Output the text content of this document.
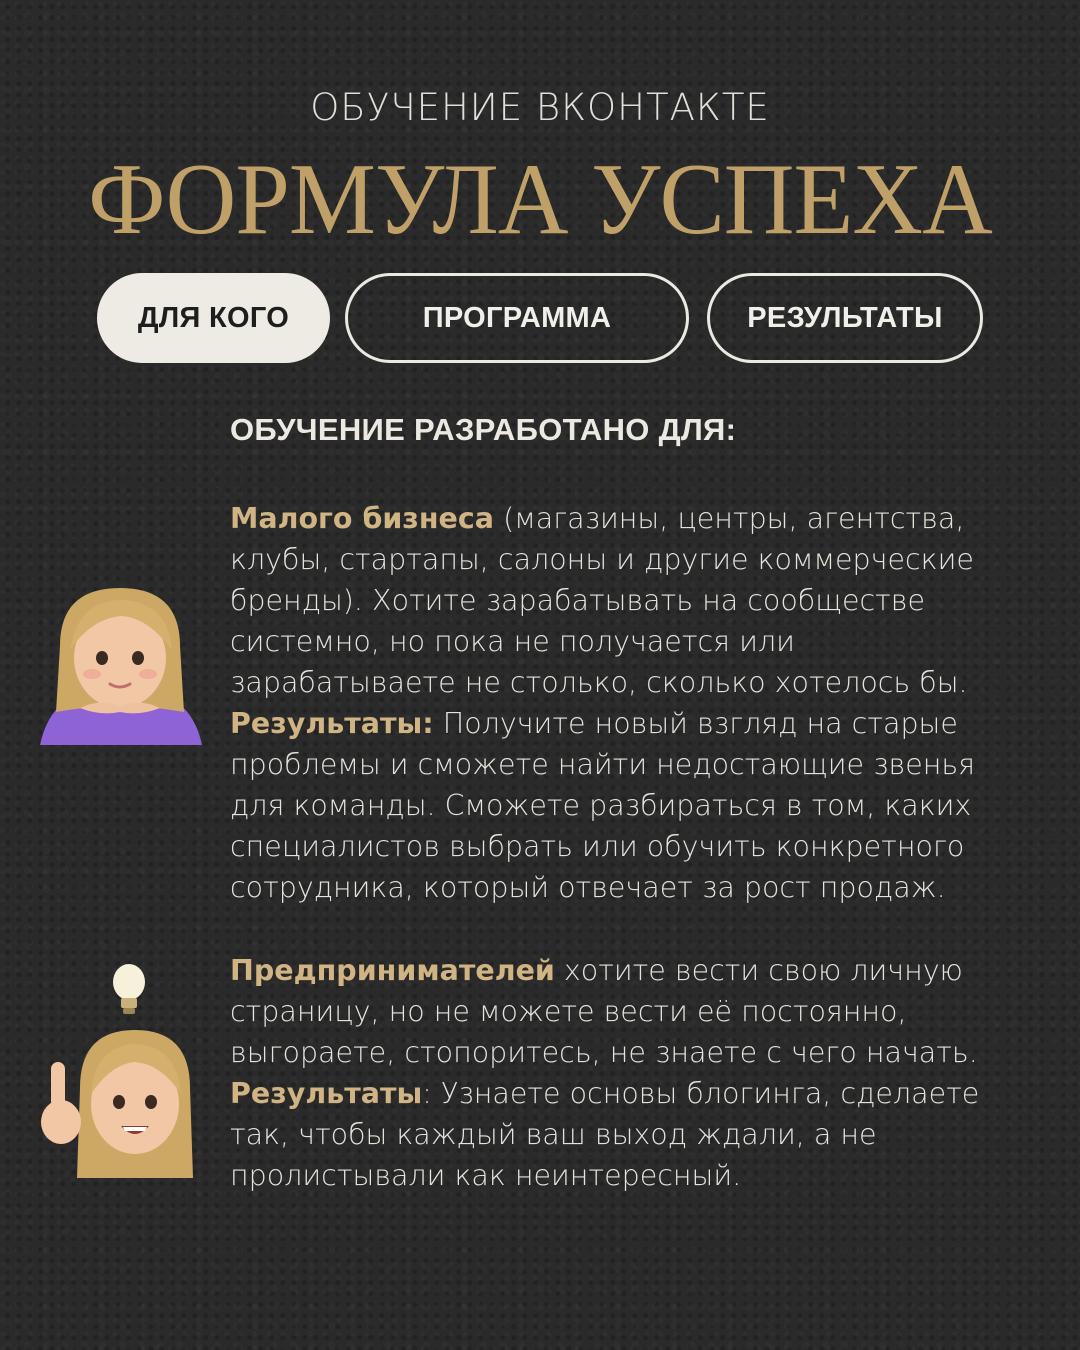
ОБУЧЕНИЕ ВКОНТАКТЕ
ФОРМУЛА УСПЕХА
ДЛЯ КОГО	ПРОГРАММА	РЕЗУЛЬТАТЫ
ОБУЧЕНИЕ РАЗРАБОТАНО ДЛЯ:
Малого бизнеса (магазины, центры, агентства, клубы, стартапы, салоны и другие коммерческие бренды). Хотите зарабатывать на сообществе системно, но пока не получается или зарабатываете не столько, сколько хотелось бы.
Результаты: Получите новый взгляд на старые проблемы и сможете найти недостающие звенья для команды. Сможете разбираться в том, каких специалистов выбрать или обучить конкретного сотрудника, который отвечает за рост продаж.
Предпринимателей хотите вести свою личную страницу, но не можете вести её постоянно, выгораете, стопоритесь, не знаете с чего начать.
Результаты: Узнаете основы блогинга, сделаете так, чтобы каждый ваш выход ждали, а не пролистывали как неинтересный.
